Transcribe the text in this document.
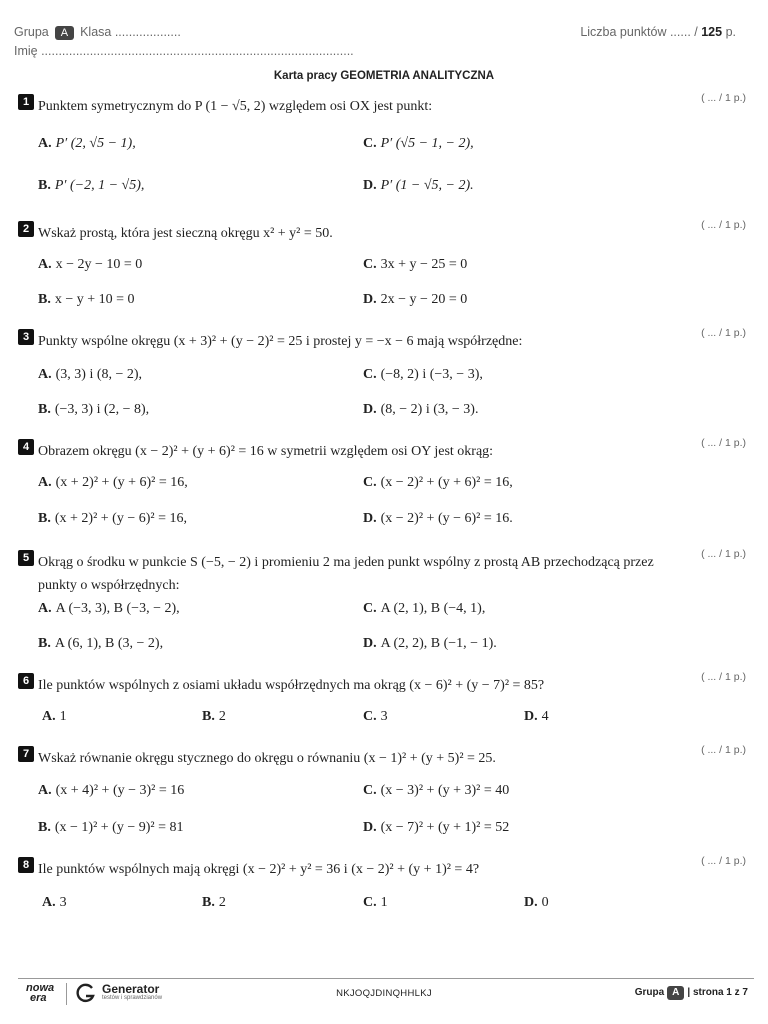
Grupa A Klasa ...................
Imię ..........................................................................................
Liczba punktów ...... / 125 p.
Karta pracy GEOMETRIA ANALITYCZNA
1 Punktem symetrycznym do P (1 − √5, 2) względem osi OX jest punkt:
( ... / 1 p.)
A. P′ (2, √5 − 1),	C. P′ (√5 − 1, − 2),
B. P′ (−2, 1 − √5),	D. P′ (1 − √5, − 2).
2 Wskaż prostą, która jest sieczną okręgu x² + y² = 50.
( ... / 1 p.)
A. x − 2y − 10 = 0	C. 3x + y − 25 = 0
B. x − y + 10 = 0	D. 2x − y − 20 = 0
3 Punkty wspólne okręgu (x + 3)² + (y − 2)² = 25 i prostej y = −x − 6 mają współrzędne:
( ... / 1 p.)
A. (3, 3) i (8, − 2),	C. (−8, 2) i (−3, − 3),
B. (−3, 3) i (2, − 8),	D. (8, − 2) i (3, − 3).
4 Obrazem okręgu (x − 2)² + (y + 6)² = 16 w symetrii względem osi OY jest okrąg:
( ... / 1 p.)
A. (x + 2)² + (y + 6)² = 16,	C. (x − 2)² + (y + 6)² = 16,
B. (x + 2)² + (y − 6)² = 16,	D. (x − 2)² + (y − 6)² = 16.
5 Okrąg o środku w punkcie S (−5, − 2) i promieniu 2 ma jeden punkt wspólny z prostą AB przechodzącą przez punkty o współrzędnych:
( ... / 1 p.)
A. A (−3, 3), B (−3, − 2),	C. A (2, 1), B (−4, 1),
B. A (6, 1), B (3, − 2),	D. A (2, 2), B (−1, − 1).
6 Ile punktów wspólnych z osiami układu współrzędnych ma okrąg (x − 6)² + (y − 7)² = 85?
( ... / 1 p.)
A. 1	B. 2	C. 3	D. 4
7 Wskaż równanie okręgu stycznego do okręgu o równaniu (x − 1)² + (y + 5)² = 25.
( ... / 1 p.)
A. (x + 4)² + (y − 3)² = 16	C. (x − 3)² + (y + 3)² = 40
B. (x − 1)² + (y − 9)² = 81	D. (x − 7)² + (y + 1)² = 52
8 Ile punktów wspólnych mają okręgi (x − 2)² + y² = 36 i (x − 2)² + (y + 1)² = 4?
( ... / 1 p.)
A. 3	B. 2	C. 1	D. 0
nowa
era
Generator
testów i sprawdzianów	NKJOQJDINQHHLKJ	Grupa A | strona 1 z 7
